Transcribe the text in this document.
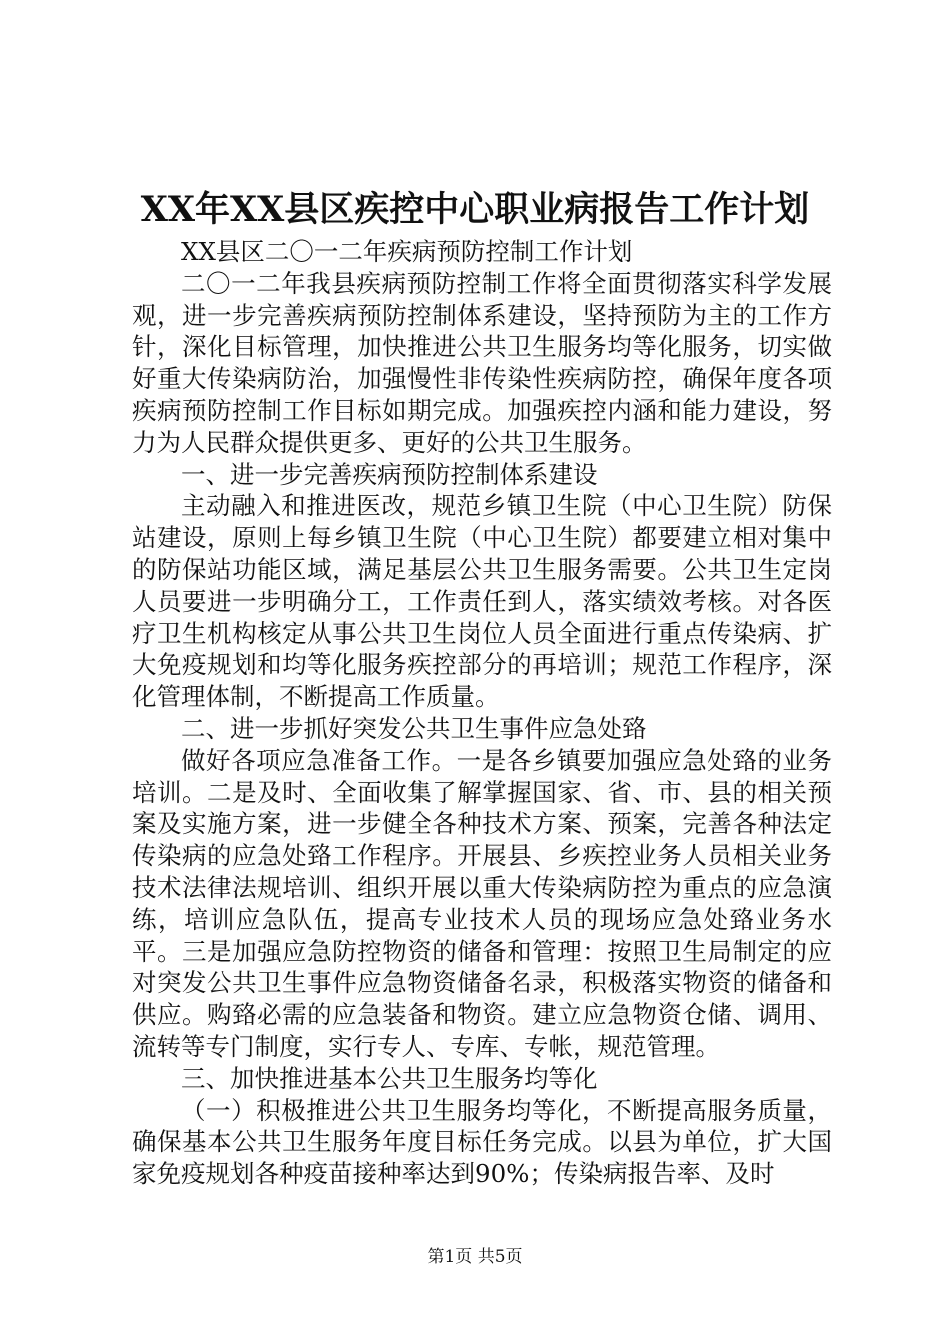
XX年XX县区疾控中心职业病报告工作计划

XX县区二〇一二年疾病预防控制工作计划

二〇一二年我县疾病预防控制工作将全面贯彻落实科学发展观，进一步完善疾病预防控制体系建设，坚持预防为主的工作方针，深化目标管理，加快推进公共卫生服务均等化服务，切实做好重大传染病防治，加强慢性非传染性疾病防控，确保年度各项疾病预防控制工作目标如期完成。加强疾控内涵和能力建设，努力为人民群众提供更多、更好的公共卫生服务。

一、进一步完善疾病预防控制体系建设

主动融入和推进医改，规范乡镇卫生院（中心卫生院）防保站建设，原则上每乡镇卫生院（中心卫生院）都要建立相对集中的防保站功能区域，满足基层公共卫生服务需要。公共卫生定岗人员要进一步明确分工，工作责任到人，落实绩效考核。对各医疗卫生机构核定从事公共卫生岗位人员全面进行重点传染病、扩大免疫规划和均等化服务疾控部分的再培训；规范工作程序，深化管理体制，不断提高工作质量。

二、进一步抓好突发公共卫生事件应急处臵

做好各项应急准备工作。一是各乡镇要加强应急处臵的业务培训。二是及时、全面收集了解掌握国家、省、市、县的相关预案及实施方案，进一步健全各种技术方案、预案，完善各种法定传染病的应急处臵工作程序。开展县、乡疾控业务人员相关业务技术法律法规培训、组织开展以重大传染病防控为重点的应急演练，培训应急队伍，提高专业技术人员的现场应急处臵业务水平。三是加强应急防控物资的储备和管理：按照卫生局制定的应对突发公共卫生事件应急物资储备名录，积极落实物资的储备和供应。购臵必需的应急装备和物资。建立应急物资仓储、调用、流转等专门制度，实行专人、专库、专帐，规范管理。

三、加快推进基本公共卫生服务均等化

（一）积极推进公共卫生服务均等化，不断提高服务质量，确保基本公共卫生服务年度目标任务完成。以县为单位，扩大国家免疫规划各种疫苗接种率达到90%；传染病报告率、及时

第1页 共5页
